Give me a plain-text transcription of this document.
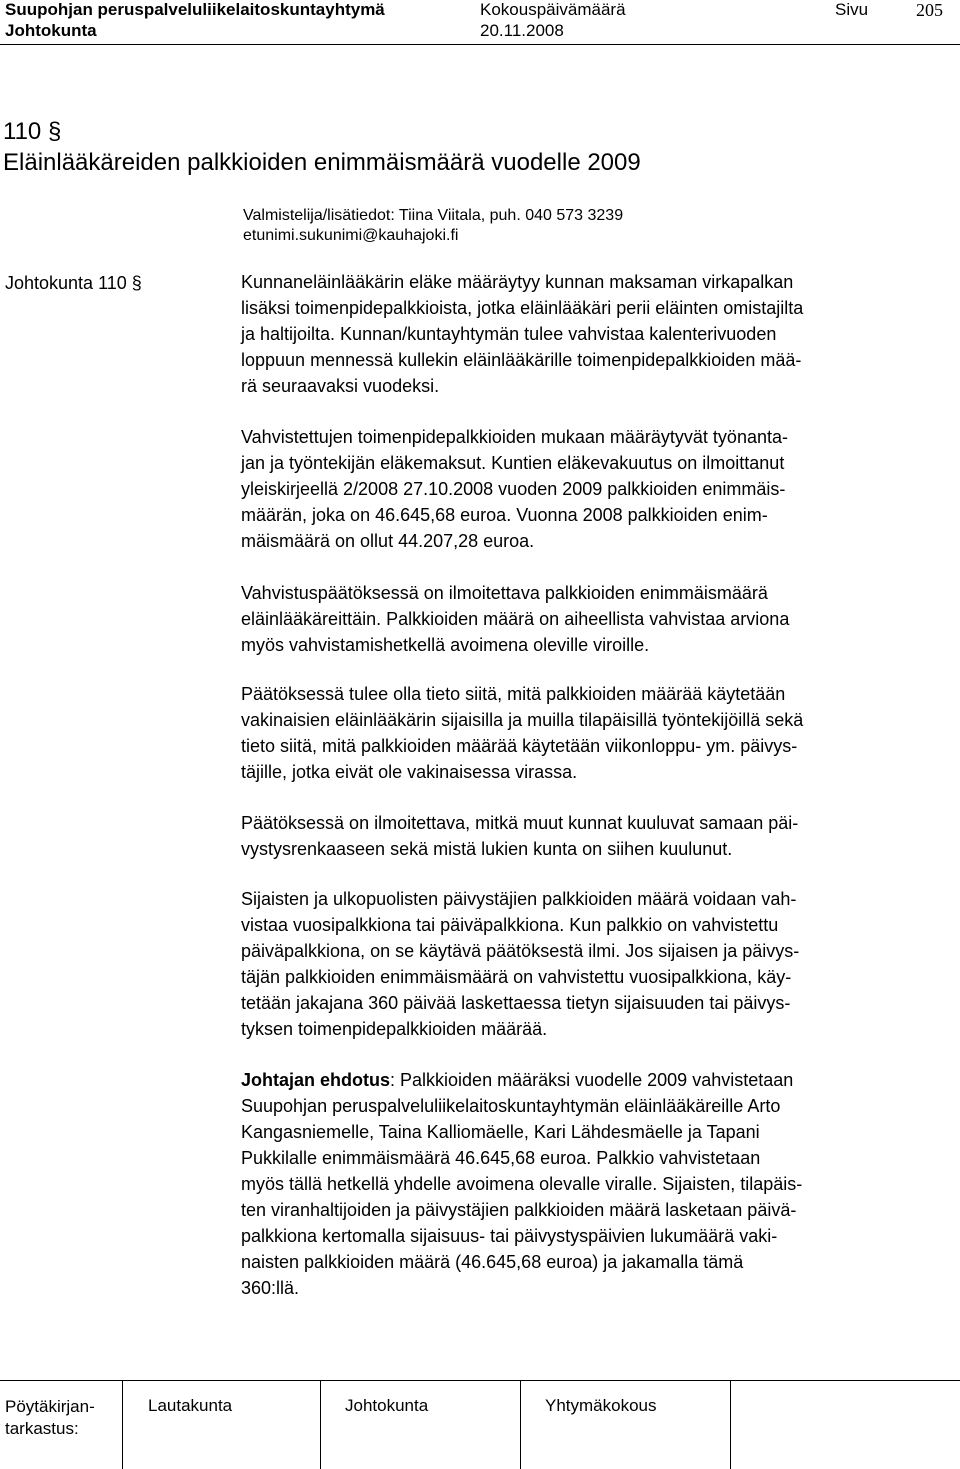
Suupohjan peruspalveluliikelaitoskuntayhtymä	Kokouspäivämäärä	Sivu	205
Johtokunta	20.11.2008
110 §
Eläinlääkäreiden palkkioiden enimmäismäärä vuodelle 2009
Valmistelija/lisätiedot: Tiina Viitala, puh. 040 573 3239
etunimi.sukunimi@kauhajoki.fi
Johtokunta 110 §	Kunnaneläinlääkärin eläke määräytyy kunnan maksaman virkapalkan
lisäksi toimenpidepalkkioista, jotka eläinlääkäri perii eläinten omistajilta
ja haltijoilta. Kunnan/kuntayhtymän tulee vahvistaa kalenterivuoden
loppuun mennessä kullekin eläinlääkärille toimenpidepalkkioiden mää-
rä seuraavaksi vuodeksi.

Vahvistettujen toimenpidepalkkioiden mukaan määräytyvät työnanta-
jan ja työntekijän eläkemaksut. Kuntien eläkevakuutus on ilmoittanut
yleiskirjeellä 2/2008 27.10.2008 vuoden 2009 palkkioiden enimmäis-
määrän, joka on 46.645,68 euroa. Vuonna 2008 palkkioiden enim-
mäismäärä on ollut 44.207,28 euroa.

Vahvistuspäätöksessä on ilmoitettava palkkioiden enimmäismäärä
eläinlääkäreittäin. Palkkioiden määrä on aiheellista vahvistaa arviona
myös vahvistamishetkellä avoimena oleville viroille.

Päätöksessä tulee olla tieto siitä, mitä palkkioiden määrää käytetään
vakinaisien eläinlääkärin sijaisilla ja muilla tilapäisillä työntekijöillä sekä
tieto siitä, mitä palkkioiden määrää käytetään viikonloppu- ym. päivys-
täjille, jotka eivät ole vakinaisessa virassa.

Päätöksessä on ilmoitettava, mitkä muut kunnat kuuluvat samaan päi-
vystysrenkaaseen sekä mistä lukien kunta on siihen kuulunut.

Sijaisten ja ulkopuolisten päivystäjien palkkioiden määrä voidaan vah-
vistaa vuosipalkkiona tai päiväpalkkiona. Kun palkkio on vahvistettu
päiväpalkkiona, on se käytävä päätöksestä ilmi. Jos sijaisen ja päivys-
täjän palkkioiden enimmäismäärä on vahvistettu vuosipalkkiona, käy-
tetään jakajana 360 päivää laskettaessa tietyn sijaisuuden tai päivys-
tyksen toimenpidepalkkioiden määrää.

Johtajan ehdotus: Palkkioiden määräksi vuodelle 2009 vahvistetaan
Suupohjan peruspalveluliikelaitoskuntayhtymän eläinlääkäreille Arto
Kangasniemelle, Taina Kalliomäelle, Kari Lähdesmäelle ja Tapani
Pukkilalle enimmäismäärä 46.645,68 euroa. Palkkio vahvistetaan
myös tällä hetkellä yhdelle avoimena olevalle viralle. Sijaisten, tilapäis-
ten viranhaltijoiden ja päivystäjien palkkioiden määrä lasketaan päivä-
palkkiona kertomalla sijaisuus- tai päivystyspäivien lukumäärä vaki-
naisten palkkioiden määrä (46.645,68 euroa) ja jakamalla tämä
360:llä.

Pöytäkirjan-
tarkastus:
Lautakunta	Johtokunta	Yhtymäkokous
